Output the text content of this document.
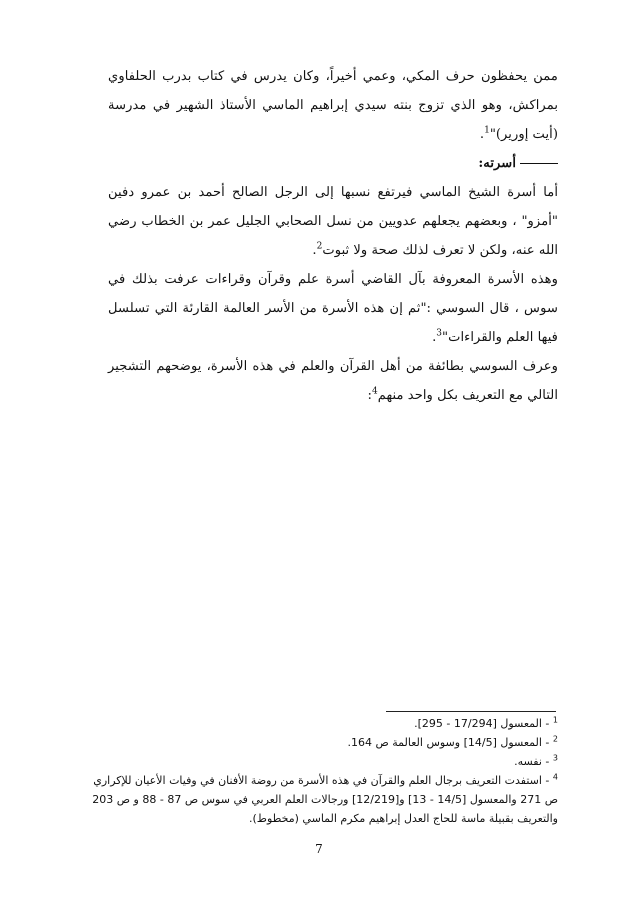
ممن يحفظون حرف المكي، وعمي أخيراً، وكان يدرس في كتاب بدرب الحلفاوي بمراكش، وهو الذي تزوج بنته سيدي إبراهيم الماسي الأستاذ الشهير في مدرسة (أيت إورير)"$^1$.

أسرته:

أما أسرة الشيخ الماسي فيرتفع نسبها إلى الرجل الصالح أحمد بن عمرو دفين "أمزو" ، وبعضهم يجعلهم عدويين من نسل الصحابي الجليل عمر بن الخطاب رضي الله عنه، ولكن لا تعرف لذلك صحة ولا ثبوت$^2$.

وهذه الأسرة المعروفة بآل القاضي أسرة علم وقرآن وقراءات عرفت بذلك في سوس ، قال السوسي :"ثم إن هذه الأسرة من الأسر العالمة القارئة التي تسلسل فيها العلم والقراءات"$^3$.

وعرف السوسي بطائفة من أهل القرآن والعلم في هذه الأسرة، يوضحهم التشجير التالي مع التعريف بكل واحد منهم$^4$:

$^1$ - المعسول [17/294 - 295].

$^2$ - المعسول [14/5] وسوس العالمة ص 164.

$^3$ - نفسه.

$^4$ - استفدت التعريف برجال العلم والقرآن في هذه الأسرة من روضة الأفنان في وفيات الأعيان للإكراري ص 271 والمعسول [14/5 - 13] و[12/219] ورجالات العلم العربي في سوس ص 87 - 88 و ص 203 والتعريف بقبيلة ماسة للحاج العدل إبراهيم مكرم الماسي (مخطوط).

7
